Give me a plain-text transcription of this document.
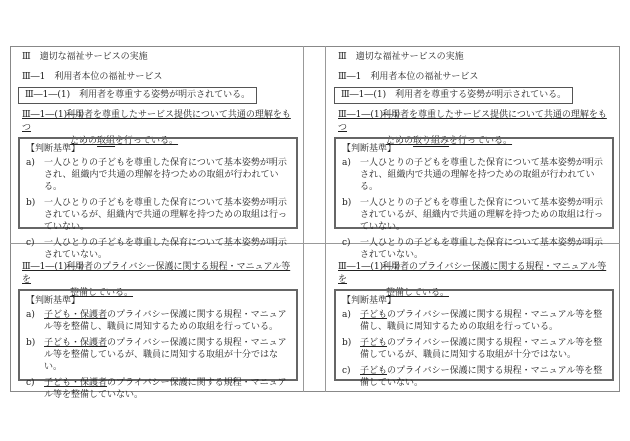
Ⅲ　適切な福祉サービスの実施
Ⅲ―1　利用者本位の福祉サービス
Ⅲ―1―(1)　利用者を尊重する姿勢が明示されている。
Ⅲ―1―(1)―①利用者を尊重したサービス提供について共通の理解をもつ
ための取組を行っている。
【判断基準】
a)	一人ひとりの子どもを尊重した保育について基本姿勢が明示され、組織内で共通の理解を持つための取組が行われている。
b) 一人ひとりの子どもを尊重した保育について基本姿勢が明示されているが、組織内で共通の理解を持つための取組は行っていない。
c)	一人ひとりの子どもを尊重した保育について基本姿勢が明示されていない。
Ⅲ　適切な福祉サービスの実施
Ⅲ―1　利用者本位の福祉サービス
Ⅲ―1―(1)　利用者を尊重する姿勢が明示されている。
Ⅲ―1―(1)―①利用者を尊重したサービス提供について共通の理解をもつ
ための取り組みを行っている。
【判断基準】
a)	一人ひとりの子どもを尊重した保育について基本姿勢が明示され、組織内で共通の理解を持つための取組が行われている。
b) 一人ひとりの子どもを尊重した保育について基本姿勢が明示されているが、組織内で共通の理解を持つための取組は行っていない。
c)	一人ひとりの子どもを尊重した保育について基本姿勢が明示されていない。
Ⅲ―1―(1)―②利用者のプライバシー保護に関する規程・マニュアル等を
整備している。
【判断基準】
a)	子ども・保護者のプライバシー保護に関する規程・マニュアル等を整備し、職員に周知するための取組を行っている。
b) 子ども・保護者のプライバシー保護に関する規程・マニュアル等を整備しているが、職員に周知する取組が十分ではない。
c)	子ども・保護者のプライバシー保護に関する規程・マニュアル等を整備していない。
Ⅲ―1―(1)―②利用者のプライバシー保護に関する規程・マニュアル等を
整備している。
【判断基準】
a)	子どものプライバシー保護に関する規程・マニュアル等を整備し、職員に周知するための取組を行っている。
b) 子どものプライバシー保護に関する規程・マニュアル等を整備しているが、職員に周知する取組が十分ではない。
c)	子どものプライバシー保護に関する規程・マニュアル等を整備していない。
